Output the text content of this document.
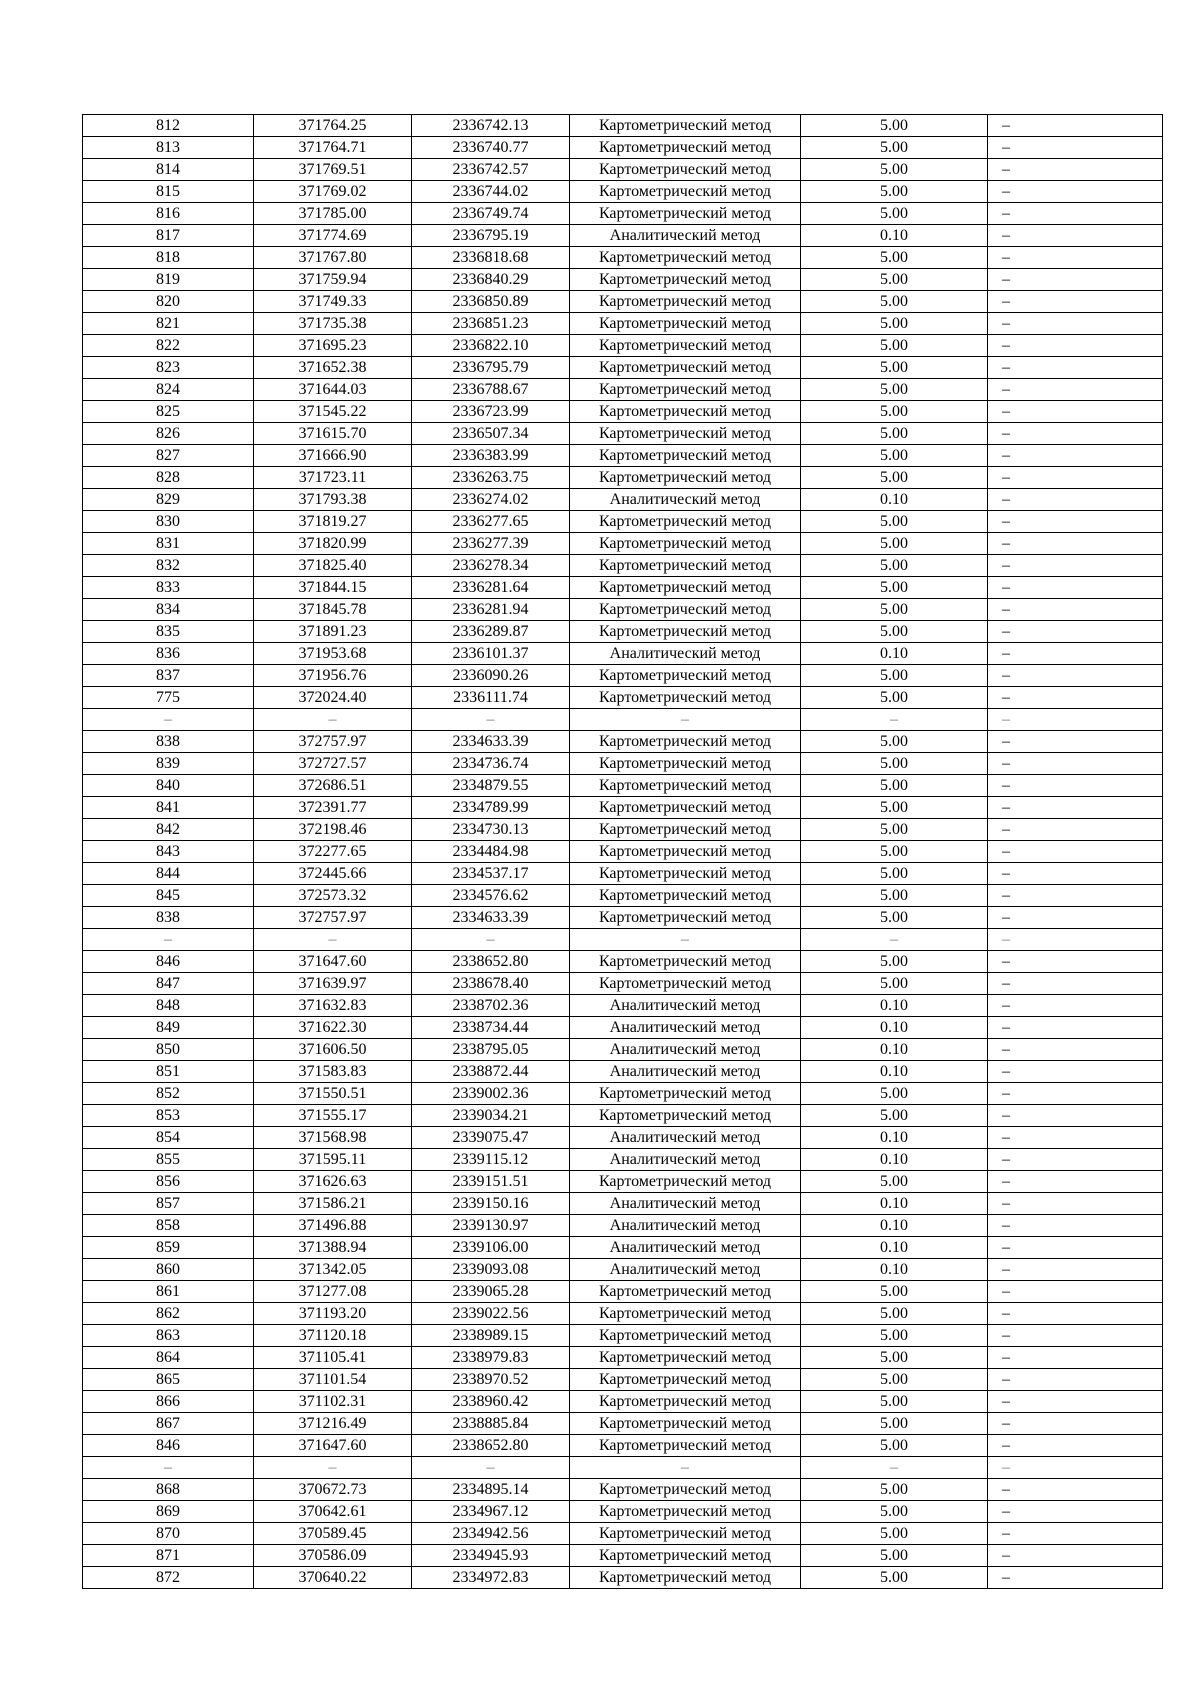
812	371764.25	2336742.13	Картометрический метод	5.00	–
813	371764.71	2336740.77	Картометрический метод	5.00	–
814	371769.51	2336742.57	Картометрический метод	5.00	–
815	371769.02	2336744.02	Картометрический метод	5.00	–
816	371785.00	2336749.74	Картометрический метод	5.00	–
817	371774.69	2336795.19	Аналитический метод	0.10	–
818	371767.80	2336818.68	Картометрический метод	5.00	–
819	371759.94	2336840.29	Картометрический метод	5.00	–
820	371749.33	2336850.89	Картометрический метод	5.00	–
821	371735.38	2336851.23	Картометрический метод	5.00	–
822	371695.23	2336822.10	Картометрический метод	5.00	–
823	371652.38	2336795.79	Картометрический метод	5.00	–
824	371644.03	2336788.67	Картометрический метод	5.00	–
825	371545.22	2336723.99	Картометрический метод	5.00	–
826	371615.70	2336507.34	Картометрический метод	5.00	–
827	371666.90	2336383.99	Картометрический метод	5.00	–
828	371723.11	2336263.75	Картометрический метод	5.00	–
829	371793.38	2336274.02	Аналитический метод	0.10	–
830	371819.27	2336277.65	Картометрический метод	5.00	–
831	371820.99	2336277.39	Картометрический метод	5.00	–
832	371825.40	2336278.34	Картометрический метод	5.00	–
833	371844.15	2336281.64	Картометрический метод	5.00	–
834	371845.78	2336281.94	Картометрический метод	5.00	–
835	371891.23	2336289.87	Картометрический метод	5.00	–
836	371953.68	2336101.37	Аналитический метод	0.10	–
837	371956.76	2336090.26	Картометрический метод	5.00	–
775	372024.40	2336111.74	Картометрический метод	5.00	–
–	–	–	–	–	–
838	372757.97	2334633.39	Картометрический метод	5.00	–
839	372727.57	2334736.74	Картометрический метод	5.00	–
840	372686.51	2334879.55	Картометрический метод	5.00	–
841	372391.77	2334789.99	Картометрический метод	5.00	–
842	372198.46	2334730.13	Картометрический метод	5.00	–
843	372277.65	2334484.98	Картометрический метод	5.00	–
844	372445.66	2334537.17	Картометрический метод	5.00	–
845	372573.32	2334576.62	Картометрический метод	5.00	–
838	372757.97	2334633.39	Картометрический метод	5.00	–
–	–	–	–	–	–
846	371647.60	2338652.80	Картометрический метод	5.00	–
847	371639.97	2338678.40	Картометрический метод	5.00	–
848	371632.83	2338702.36	Аналитический метод	0.10	–
849	371622.30	2338734.44	Аналитический метод	0.10	–
850	371606.50	2338795.05	Аналитический метод	0.10	–
851	371583.83	2338872.44	Аналитический метод	0.10	–
852	371550.51	2339002.36	Картометрический метод	5.00	–
853	371555.17	2339034.21	Картометрический метод	5.00	–
854	371568.98	2339075.47	Аналитический метод	0.10	–
855	371595.11	2339115.12	Аналитический метод	0.10	–
856	371626.63	2339151.51	Картометрический метод	5.00	–
857	371586.21	2339150.16	Аналитический метод	0.10	–
858	371496.88	2339130.97	Аналитический метод	0.10	–
859	371388.94	2339106.00	Аналитический метод	0.10	–
860	371342.05	2339093.08	Аналитический метод	0.10	–
861	371277.08	2339065.28	Картометрический метод	5.00	–
862	371193.20	2339022.56	Картометрический метод	5.00	–
863	371120.18	2338989.15	Картометрический метод	5.00	–
864	371105.41	2338979.83	Картометрический метод	5.00	–
865	371101.54	2338970.52	Картометрический метод	5.00	–
866	371102.31	2338960.42	Картометрический метод	5.00	–
867	371216.49	2338885.84	Картометрический метод	5.00	–
846	371647.60	2338652.80	Картометрический метод	5.00	–
–	–	–	–	–	–
868	370672.73	2334895.14	Картометрический метод	5.00	–
869	370642.61	2334967.12	Картометрический метод	5.00	–
870	370589.45	2334942.56	Картометрический метод	5.00	–
871	370586.09	2334945.93	Картометрический метод	5.00	–
872	370640.22	2334972.83	Картометрический метод	5.00	–
